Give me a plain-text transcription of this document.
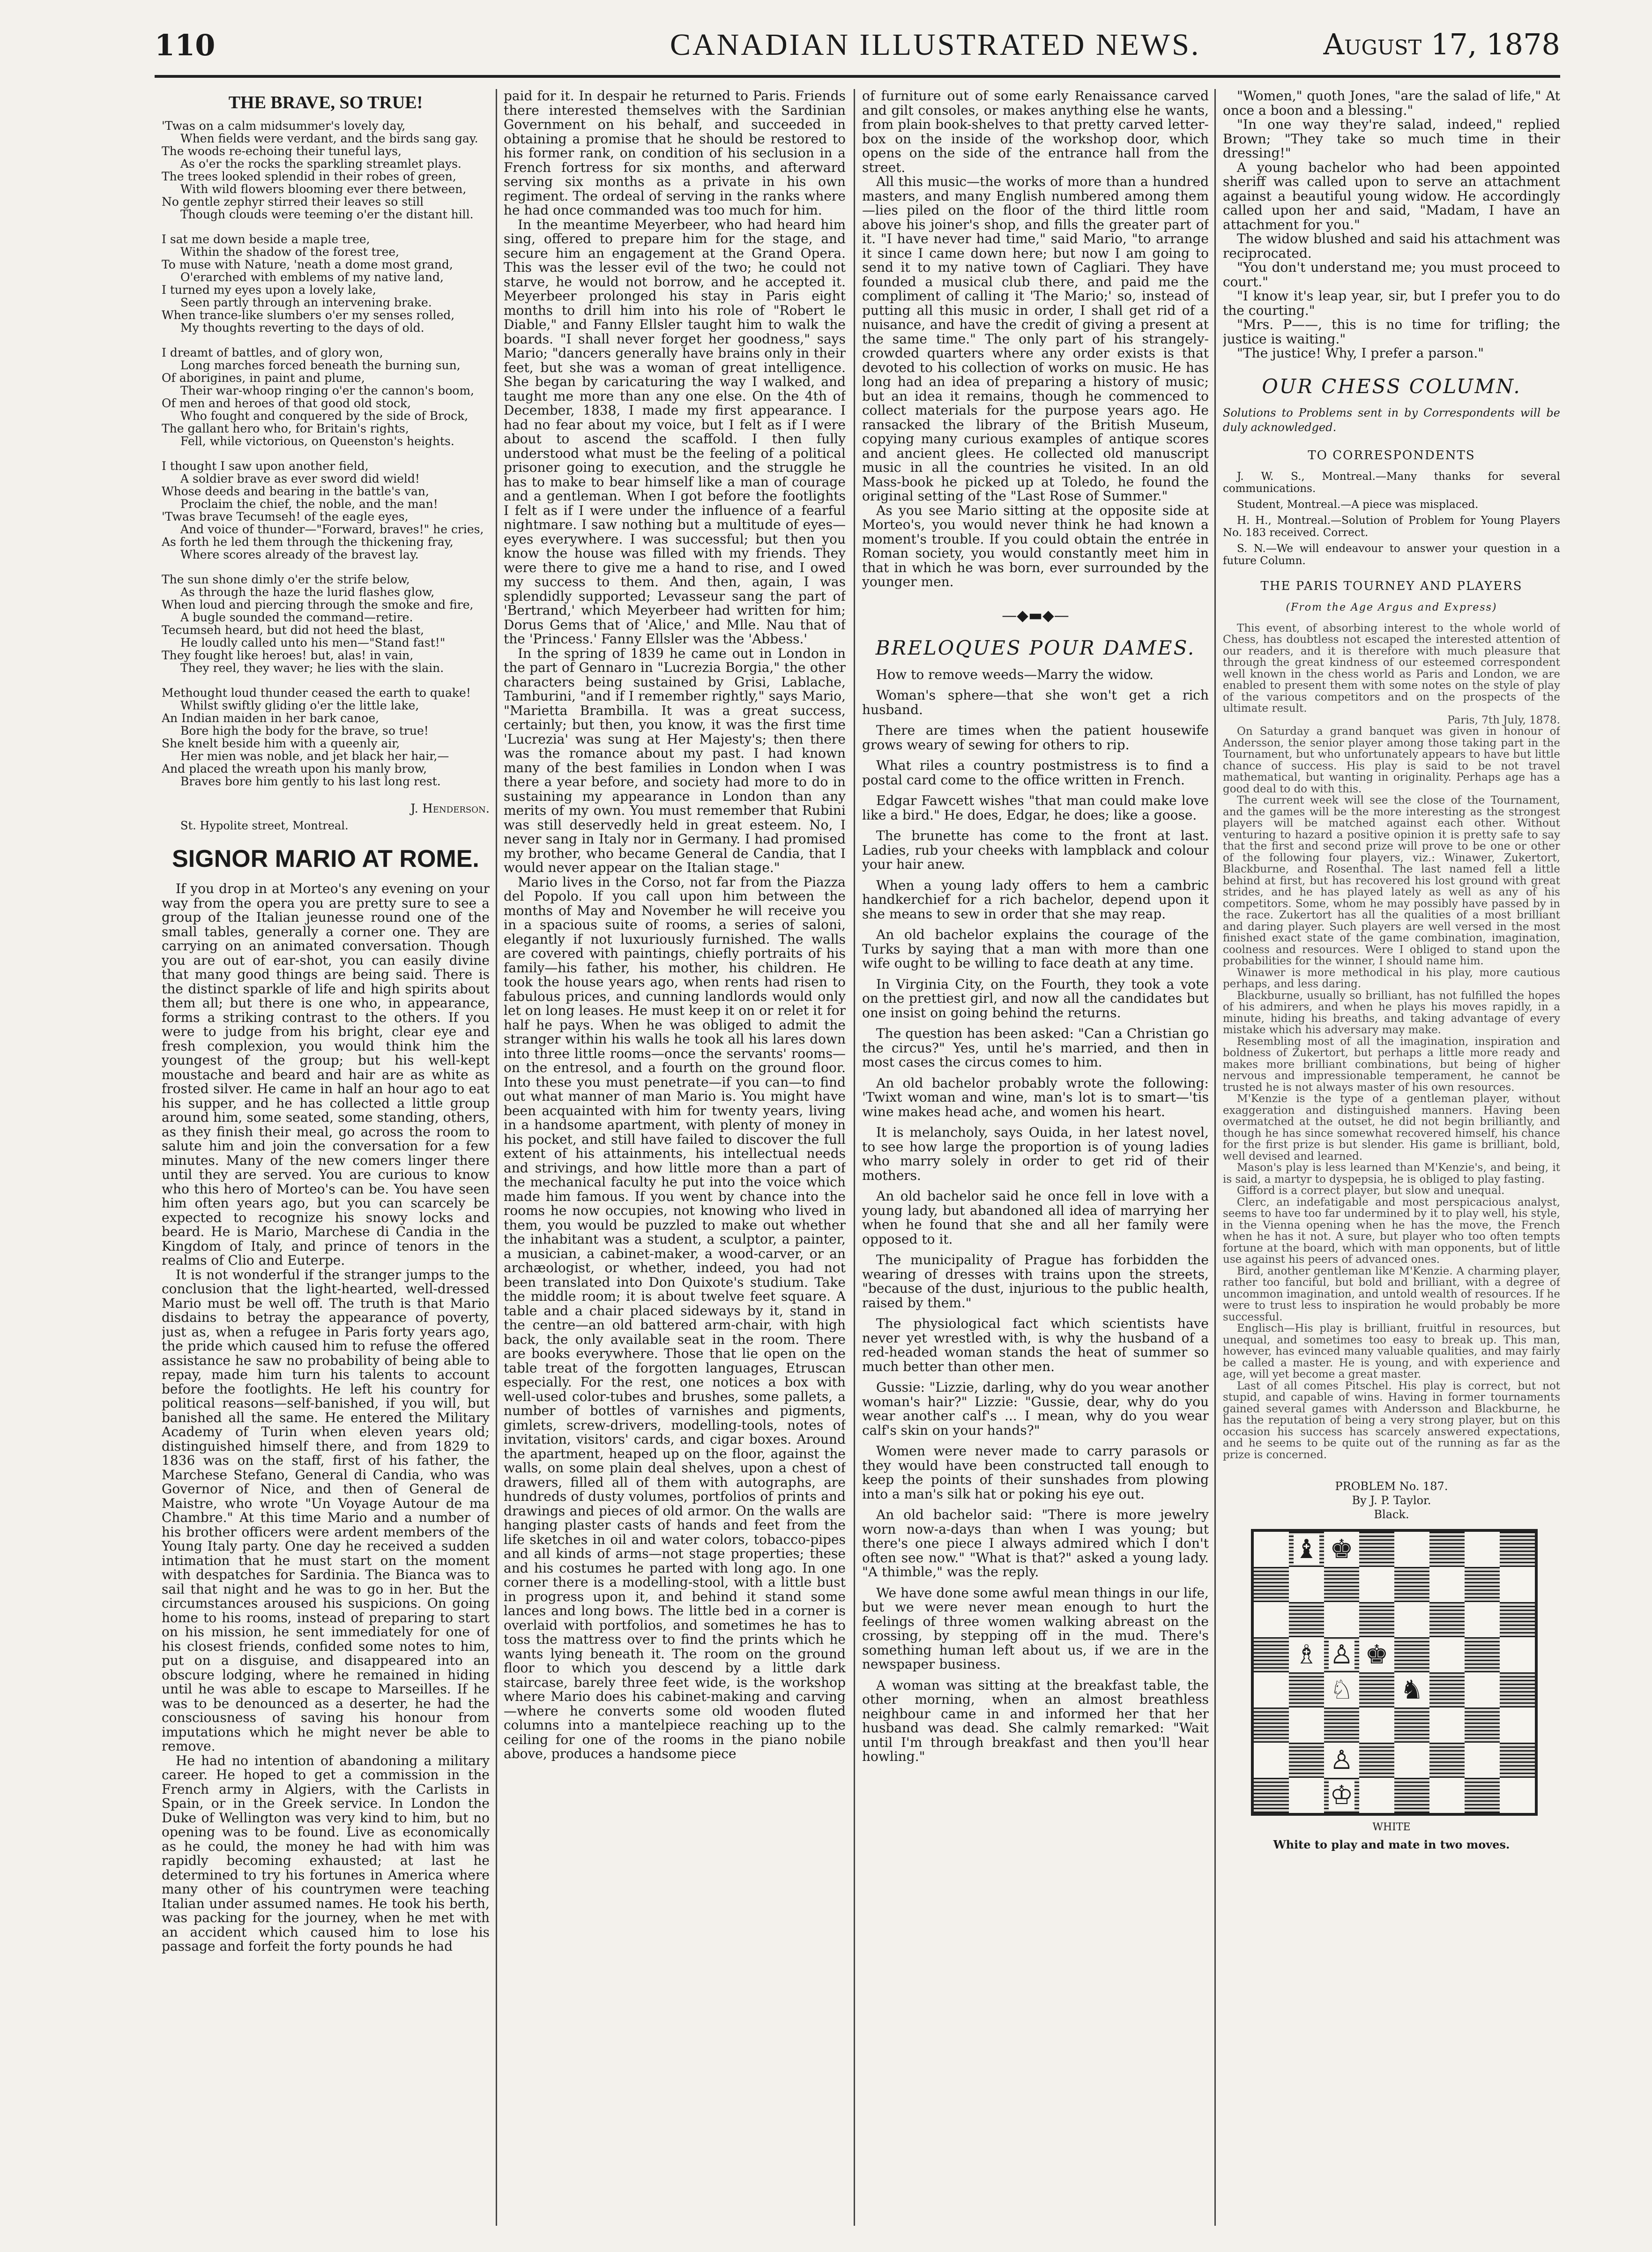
110	CANADIAN ILLUSTRATED NEWS.	August 17, 1878
THE BRAVE, SO TRUE!
'Twas on a calm midsummer's lovely day,
When fields were verdant, and the birds sang gay.
The woods re-echoing their tuneful lays,
As o'er the rocks the sparkling streamlet plays.
The trees looked splendid in their robes of green,
With wild flowers blooming ever there between,
No gentle zephyr stirred their leaves so still
Though clouds were teeming o'er the distant hill.
I sat me down beside a maple tree,
Within the shadow of the forest tree,
To muse with Nature, 'neath a dome most grand,
O'erarched with emblems of my native land,
I turned my eyes upon a lovely lake,
Seen partly through an intervening brake.
When trance-like slumbers o'er my senses rolled,
My thoughts reverting to the days of old.
I dreamt of battles, and of glory won,
Long marches forced beneath the burning sun,
Of aborigines, in paint and plume,
Their war-whoop ringing o'er the cannon's boom,
Of men and heroes of that good old stock,
Who fought and conquered by the side of Brock,
The gallant hero who, for Britain's rights,
Fell, while victorious, on Queenston's heights.
I thought I saw upon another field,
A soldier brave as ever sword did wield!
Whose deeds and bearing in the battle's van,
Proclaim the chief, the noble, and the man!
'Twas brave Tecumseh! of the eagle eyes,
And voice of thunder—"Forward, braves!" he cries,
As forth he led them through the thickening fray,
Where scores already of the bravest lay.
The sun shone dimly o'er the strife below,
As through the haze the lurid flashes glow,
When loud and piercing through the smoke and fire,
A bugle sounded the command—retire.
Tecumseh heard, but did not heed the blast,
He loudly called unto his men—"Stand fast!"
They fought like heroes! but, alas! in vain,
They reel, they waver; he lies with the slain.
Methought loud thunder ceased the earth to quake!
Whilst swiftly gliding o'er the little lake,
An Indian maiden in her bark canoe,
Bore high the body for the brave, so true!
She knelt beside him with a queenly air,
Her mien was noble, and jet black her hair,—
And placed the wreath upon his manly brow,
Braves bore him gently to his last long rest.
J. Henderson.
St. Hypolite street, Montreal.
SIGNOR MARIO AT ROME.

If you drop in at Morteo's any evening on your way from the opera you are pretty sure to see a group of the Italian jeunesse round one of the small tables, generally a corner one. They are carrying on an animated conversation. Though you are out of ear-shot, you can easily divine that many good things are being said. There is the distinct sparkle of life and high spirits about them all; but there is one who, in appearance, forms a striking contrast to the others. If you were to judge from his bright, clear eye and fresh complexion, you would think him the youngest of the group; but his well-kept moustache and beard and hair are as white as frosted silver. He came in half an hour ago to eat his supper, and he has collected a little group around him, some seated, some standing, others, as they finish their meal, go across the room to salute him and join the conversation for a few minutes. Many of the new comers linger there until they are served. You are curious to know who this hero of Morteo's can be. You have seen him often years ago, but you can scarcely be expected to recognize his snowy locks and beard. He is Mario, Marchese di Candia in the Kingdom of Italy, and prince of tenors in the realms of Clio and Euterpe.

It is not wonderful if the stranger jumps to the conclusion that the light-hearted, well-dressed Mario must be well off. The truth is that Mario disdains to betray the appearance of poverty, just as, when a refugee in Paris forty years ago, the pride which caused him to refuse the offered assistance he saw no probability of being able to repay, made him turn his talents to account before the footlights. He left his country for political reasons—self-banished, if you will, but banished all the same. He entered the Military Academy of Turin when eleven years old; distinguished himself there, and from 1829 to 1836 was on the staff, first of his father, the Marchese Stefano, General di Candia, who was Governor of Nice, and then of General de Maistre, who wrote "Un Voyage Autour de ma Chambre." At this time Mario and a number of his brother officers were ardent members of the Young Italy party. One day he received a sudden intimation that he must start on the moment with despatches for Sardinia. The Bianca was to sail that night and he was to go in her. But the circumstances aroused his suspicions. On going home to his rooms, instead of preparing to start on his mission, he sent immediately for one of his closest friends, confided some notes to him, put on a disguise, and disappeared into an obscure lodging, where he remained in hiding until he was able to escape to Marseilles. If he was to be denounced as a deserter, he had the consciousness of saving his honour from imputations which he might never be able to remove.

He had no intention of abandoning a military career. He hoped to get a commission in the French army in Algiers, with the Carlists in Spain, or in the Greek service. In London the Duke of Wellington was very kind to him, but no opening was to be found. Live as economically as he could, the money he had with him was rapidly becoming exhausted; at last he determined to try his fortunes in America where many other of his countrymen were teaching Italian under assumed names. He took his berth, was packing for the journey, when he met with an accident which caused him to lose his passage and forfeit the forty pounds he had

paid for it. In despair he returned to Paris. Friends there interested themselves with the Sardinian Government on his behalf, and succeeded in obtaining a promise that he should be restored to his former rank, on condition of his seclusion in a French fortress for six months, and afterward serving six months as a private in his own regiment. The ordeal of serving in the ranks where he had once commanded was too much for him.

In the meantime Meyerbeer, who had heard him sing, offered to prepare him for the stage, and secure him an engagement at the Grand Opera. This was the lesser evil of the two; he could not starve, he would not borrow, and he accepted it. Meyerbeer prolonged his stay in Paris eight months to drill him into his role of "Robert le Diable," and Fanny Ellsler taught him to walk the boards. "I shall never forget her goodness," says Mario; "dancers generally have brains only in their feet, but she was a woman of great intelligence. She began by caricaturing the way I walked, and taught me more than any one else. On the 4th of December, 1838, I made my first appearance. I had no fear about my voice, but I felt as if I were about to ascend the scaffold. I then fully understood what must be the feeling of a political prisoner going to execution, and the struggle he has to make to bear himself like a man of courage and a gentleman. When I got before the footlights I felt as if I were under the influence of a fearful nightmare. I saw nothing but a multitude of eyes—eyes everywhere. I was successful; but then you know the house was filled with my friends. They were there to give me a hand to rise, and I owed my success to them. And then, again, I was splendidly supported; Levasseur sang the part of 'Bertrand,' which Meyerbeer had written for him; Dorus Gems that of 'Alice,' and Mlle. Nau that of the 'Princess.' Fanny Ellsler was the 'Abbess.'

In the spring of 1839 he came out in London in the part of Gennaro in "Lucrezia Borgia," the other characters being sustained by Grisi, Lablache, Tamburini, "and if I remember rightly," says Mario, "Marietta Brambilla. It was a great success, certainly; but then, you know, it was the first time 'Lucrezia' was sung at Her Majesty's; then there was the romance about my past. I had known many of the best families in London when I was there a year before, and society had more to do in sustaining my appearance in London than any merits of my own. You must remember that Rubini was still deservedly held in great esteem. No, I never sang in Italy nor in Germany. I had promised my brother, who became General de Candia, that I would never appear on the Italian stage."

Mario lives in the Corso, not far from the Piazza del Popolo. If you call upon him between the months of May and November he will receive you in a spacious suite of rooms, a series of saloni, elegantly if not luxuriously furnished. The walls are covered with paintings, chiefly portraits of his family—his father, his mother, his children. He took the house years ago, when rents had risen to fabulous prices, and cunning landlords would only let on long leases. He must keep it on or relet it for half he pays. When he was obliged to admit the stranger within his walls he took all his lares down into three little rooms—once the servants' rooms—on the entresol, and a fourth on the ground floor. Into these you must penetrate—if you can—to find out what manner of man Mario is. You might have been acquainted with him for twenty years, living in a handsome apartment, with plenty of money in his pocket, and still have failed to discover the full extent of his attainments, his intellectual needs and strivings, and how little more than a part of the mechanical faculty he put into the voice which made him famous. If you went by chance into the rooms he now occupies, not knowing who lived in them, you would be puzzled to make out whether the inhabitant was a student, a sculptor, a painter, a musician, a cabinet-maker, a wood-carver, or an archæologist, or whether, indeed, you had not been translated into Don Quixote's studium. Take the middle room; it is about twelve feet square. A table and a chair placed sideways by it, stand in the centre—an old battered arm-chair, with high back, the only available seat in the room. There are books everywhere. Those that lie open on the table treat of the forgotten languages, Etruscan especially. For the rest, one notices a box with well-used color-tubes and brushes, some pallets, a number of bottles of varnishes and pigments, gimlets, screw-drivers, modelling-tools, notes of invitation, visitors' cards, and cigar boxes. Around the apartment, heaped up on the floor, against the walls, on some plain deal shelves, upon a chest of drawers, filled all of them with autographs, are hundreds of dusty volumes, portfolios of prints and drawings and pieces of old armor. On the walls are hanging plaster casts of hands and feet from the life sketches in oil and water colors, tobacco-pipes and all kinds of arms—not stage properties; these and his costumes he parted with long ago. In one corner there is a modelling-stool, with a little bust in progress upon it, and behind it stand some lances and long bows. The little bed in a corner is overlaid with portfolios, and sometimes he has to toss the mattress over to find the prints which he wants lying beneath it. The room on the ground floor to which you descend by a little dark staircase, barely three feet wide, is the workshop where Mario does his cabinet-making and carving—where he converts some old wooden fluted columns into a mantelpiece reaching up to the ceiling for one of the rooms in the piano nobile above, produces a handsome piece

of furniture out of some early Renaissance carved and gilt consoles, or makes anything else he wants, from plain book-shelves to that pretty carved letter-box on the inside of the workshop door, which opens on the side of the entrance hall from the street.

All this music—the works of more than a hundred masters, and many English numbered among them—lies piled on the floor of the third little room above his joiner's shop, and fills the greater part of it. "I have never had time," said Mario, "to arrange it since I came down here; but now I am going to send it to my native town of Cagliari. They have founded a musical club there, and paid me the compliment of calling it 'The Mario;' so, instead of putting all this music in order, I shall get rid of a nuisance, and have the credit of giving a present at the same time." The only part of his strangely-crowded quarters where any order exists is that devoted to his collection of works on music. He has long had an idea of preparing a history of music; but an idea it remains, though he commenced to collect materials for the purpose years ago. He ransacked the library of the British Museum, copying many curious examples of antique scores and ancient glees. He collected old manuscript music in all the countries he visited. In an old Mass-book he picked up at Toledo, he found the original setting of the "Last Rose of Summer."

As you see Mario sitting at the opposite side at Morteo's, you would never think he had known a moment's trouble. If you could obtain the entrée in Roman society, you would constantly meet him in that in which he was born, ever surrounded by the younger men.

—◆▬◆—
BRELOQUES POUR DAMES.

How to remove weeds—Marry the widow.

Woman's sphere—that she won't get a rich husband.

There are times when the patient housewife grows weary of sewing for others to rip.

What riles a country postmistress is to find a postal card come to the office written in French.

Edgar Fawcett wishes "that man could make love like a bird." He does, Edgar, he does; like a goose.

The brunette has come to the front at last. Ladies, rub your cheeks with lampblack and colour your hair anew.

When a young lady offers to hem a cambric handkerchief for a rich bachelor, depend upon it she means to sew in order that she may reap.

An old bachelor explains the courage of the Turks by saying that a man with more than one wife ought to be willing to face death at any time.

In Virginia City, on the Fourth, they took a vote on the prettiest girl, and now all the candidates but one insist on going behind the returns.

The question has been asked: "Can a Christian go the circus?" Yes, until he's married, and then in most cases the circus comes to him.

An old bachelor probably wrote the following: 'Twixt woman and wine, man's lot is to smart—'tis wine makes head ache, and women his heart.

It is melancholy, says Ouida, in her latest novel, to see how large the proportion is of young ladies who marry solely in order to get rid of their mothers.

An old bachelor said he once fell in love with a young lady, but abandoned all idea of marrying her when he found that she and all her family were opposed to it.

The municipality of Prague has forbidden the wearing of dresses with trains upon the streets, "because of the dust, injurious to the public health, raised by them."

The physiological fact which scientists have never yet wrestled with, is why the husband of a red-headed woman stands the heat of summer so much better than other men.

Gussie: "Lizzie, darling, why do you wear another woman's hair?" Lizzie: "Gussie, dear, why do you wear another calf's ... I mean, why do you wear calf's skin on your hands?"

Women were never made to carry parasols or they would have been constructed tall enough to keep the points of their sunshades from plowing into a man's silk hat or poking his eye out.

An old bachelor said: "There is more jewelry worn now-a-days than when I was young; but there's one piece I always admired which I don't often see now." "What is that?" asked a young lady. "A thimble," was the reply.

We have done some awful mean things in our life, but we were never mean enough to hurt the feelings of three women walking abreast on the crossing, by stepping off in the mud. There's something human left about us, if we are in the newspaper business.

A woman was sitting at the breakfast table, the other morning, when an almost breathless neighbour came in and informed her that her husband was dead. She calmly remarked: "Wait until I'm through breakfast and then you'll hear howling."

"Women," quoth Jones, "are the salad of life," At once a boon and a blessing."

"In one way they're salad, indeed," replied Brown; "They take so much time in their dressing!"

A young bachelor who had been appointed sheriff was called upon to serve an attachment against a beautiful young widow. He accordingly called upon her and said, "Madam, I have an attachment for you."

The widow blushed and said his attachment was reciprocated.

"You don't understand me; you must proceed to court."

"I know it's leap year, sir, but I prefer you to do the courting."

"Mrs. P——, this is no time for trifling; the justice is waiting."

"The justice! Why, I prefer a parson."

OUR CHESS COLUMN.
Solutions to Problems sent in by Correspondents will be duly acknowledged.
TO CORRESPONDENTS

J. W. S., Montreal.—Many thanks for several communications.

Student, Montreal.—A piece was misplaced.

H. H., Montreal.—Solution of Problem for Young Players No. 183 received. Correct.

S. N.—We will endeavour to answer your question in a future Column.

THE PARIS TOURNEY AND PLAYERS
(From the Age Argus and Express)

This event, of absorbing interest to the whole world of Chess, has doubtless not escaped the interested attention of our readers, and it is therefore with much pleasure that through the great kindness of our esteemed correspondent well known in the chess world as Paris and London, we are enabled to present them with some notes on the style of play of the various competitors and on the prospects of the ultimate result.

Paris, 7th July, 1878.

On Saturday a grand banquet was given in honour of Andersson, the senior player among those taking part in the Tournament, but who unfortunately appears to have but little chance of success. His play is said to be not travel mathematical, but wanting in originality. Perhaps age has a good deal to do with this.

The current week will see the close of the Tournament, and the games will be the more interesting as the strongest players will be matched against each other. Without venturing to hazard a positive opinion it is pretty safe to say that the first and second prize will prove to be one or other of the following four players, viz.: Winawer, Zukertort, Blackburne, and Rosenthal. The last named fell a little behind at first, but has recovered his lost ground with great strides, and he has played lately as well as any of his competitors. Some, whom he may possibly have passed by in the race. Zukertort has all the qualities of a most brilliant and daring player. Such players are well versed in the most finished exact state of the game combination, imagination, coolness and resources. Were I obliged to stand upon the probabilities for the winner, I should name him.

Winawer is more methodical in his play, more cautious perhaps, and less daring.

Blackburne, usually so brilliant, has not fulfilled the hopes of his admirers, and when he plays his moves rapidly, in a minute, hiding his breaths, and taking advantage of every mistake which his adversary may make.

Resembling most of all the imagination, inspiration and boldness of Zukertort, but perhaps a little more ready and makes more brilliant combinations, but being of higher nervous and impressionable temperament, he cannot be trusted he is not always master of his own resources.

M'Kenzie is the type of a gentleman player, without exaggeration and distinguished manners. Having been overmatched at the outset, he did not begin brilliantly, and though he has since somewhat recovered himself, his chance for the first prize is but slender. His game is brilliant, bold, well devised and learned.

Mason's play is less learned than M'Kenzie's, and being, it is said, a martyr to dyspepsia, he is obliged to play fasting.

Gifford is a correct player, but slow and unequal.

Clerc, an indefatigable and most perspicacious analyst, seems to have too far undermined by it to play well, his style, in the Vienna opening when he has the move, the French when he has it not. A sure, but player who too often tempts fortune at the board, which with man opponents, but of little use against his peers of advanced ones.

Bird, another gentleman like M'Kenzie. A charming player, rather too fanciful, but bold and brilliant, with a degree of uncommon imagination, and untold wealth of resources. If he were to trust less to inspiration he would probably be more successful.

Englisch—His play is brilliant, fruitful in resources, but unequal, and sometimes too easy to break up. This man, however, has evinced many valuable qualities, and may fairly be called a master. He is young, and with experience and age, will yet become a great master.

Last of all comes Pitschel. His play is correct, but not stupid, and capable of wins. Having in former tournaments gained several games with Andersson and Blackburne, he has the reputation of being a very strong player, but on this occasion his success has scarcely answered expectations, and he seems to be quite out of the running as far as the prize is concerned.

PROBLEM No. 187.
By J. P. Taylor.
Black.
♝ ♚
♗ ♙ ♚
♘ ♞
♙
♔
WHITE
White to play and mate in two moves.
